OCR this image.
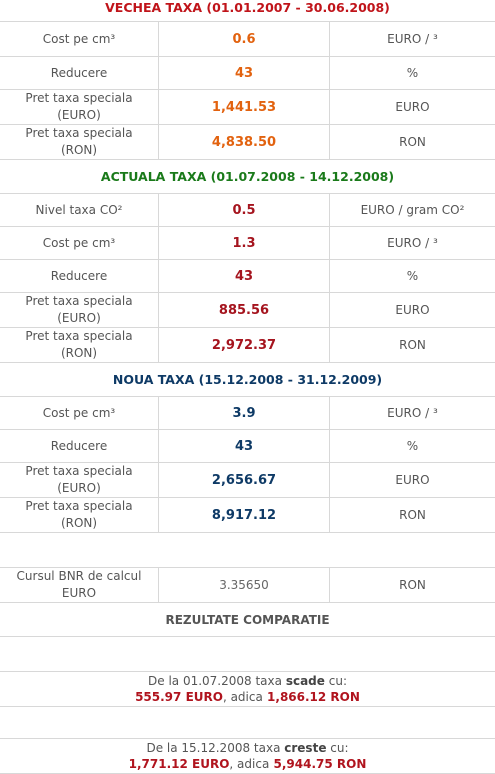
VECHEA TAXA (01.01.2007 - 30.06.2008)
Cost pe cm³	0.6	EURO / ³
Reducere	43	%
Pret taxa speciala
(EURO)
1,441.53	EURO
Pret taxa speciala
(RON)
4,838.50	RON
ACTUALA TAXA (01.07.2008 - 14.12.2008)
Nivel taxa CO²	0.5	EURO / gram CO²
Cost pe cm³	1.3	EURO / ³
Reducere	43	%
Pret taxa speciala
(EURO)
885.56	EURO
Pret taxa speciala
(RON)
2,972.37	RON
NOUA TAXA (15.12.2008 - 31.12.2009)
Cost pe cm³	3.9	EURO / ³
Reducere	43	%
Pret taxa speciala
(EURO)
2,656.67	EURO
Pret taxa speciala
(RON)
8,917.12	RON
Cursul BNR de calcul
EURO
3.35650	RON
REZULTATE COMPARATIE
De la 01.07.2008 taxa scade cu:
555.97 EURO, adica 1,866.12 RON
De la 15.12.2008 taxa creste cu:
1,771.12 EURO, adica 5,944.75 RON
